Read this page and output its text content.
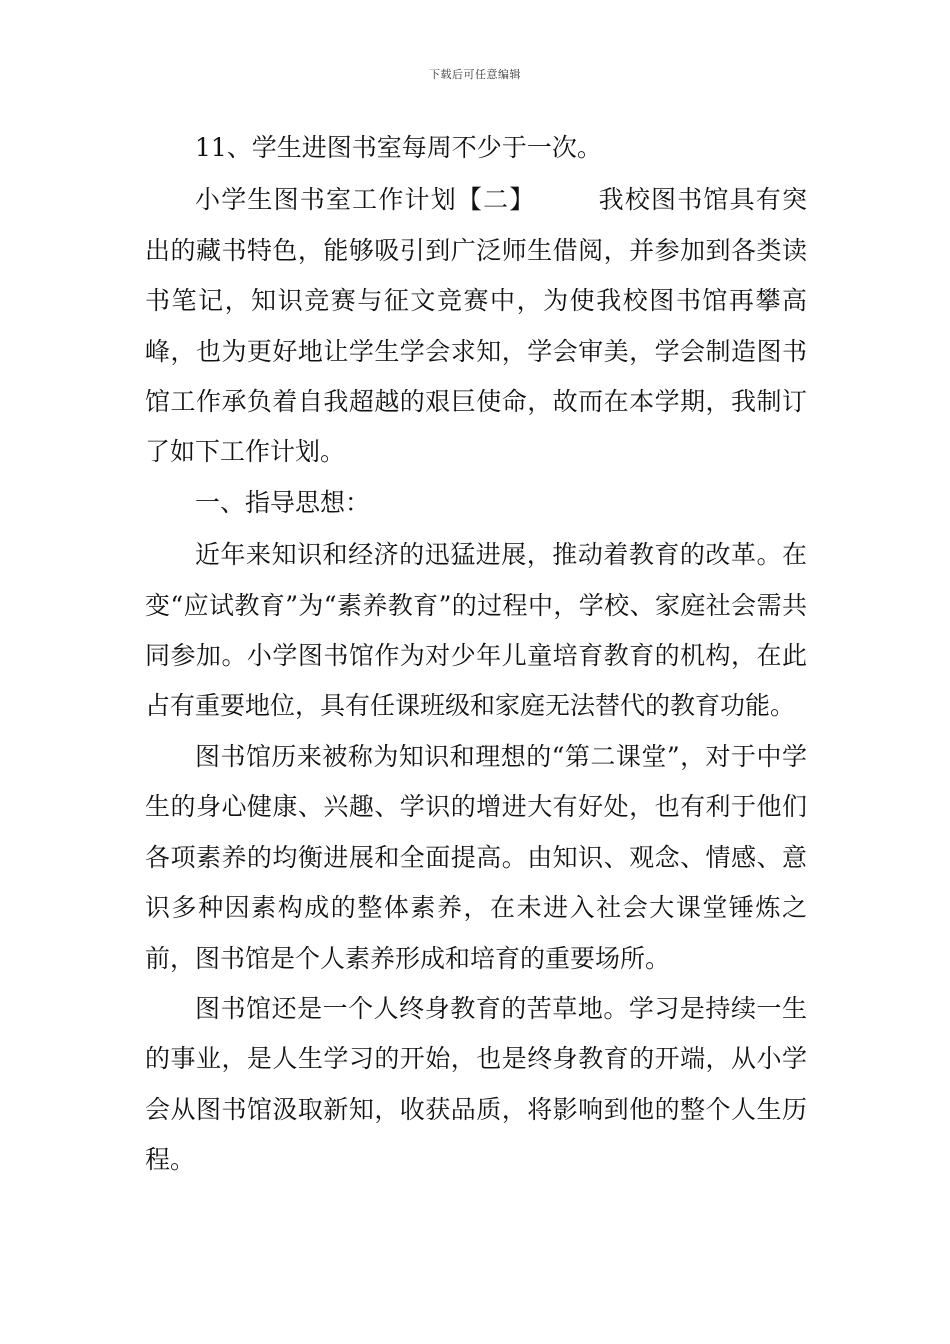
下载后可任意编辑

11、学生进图书室每周不少于一次。

小学生图书室工作计划【二】 我校图书馆具有突出的藏书特色，能够吸引到广泛师生借阅，并参加到各类读书笔记，知识竞赛与征文竞赛中，为使我校图书馆再攀高峰，也为更好地让学生学会求知，学会审美，学会制造图书馆工作承负着自我超越的艰巨使命，故而在本学期，我制订了如下工作计划。

一、指导思想：

近年来知识和经济的迅猛进展，推动着教育的改革。在变“应试教育”为“素养教育”的过程中，学校、家庭社会需共同参加。小学图书馆作为对少年儿童培育教育的机构，在此占有重要地位，具有任课班级和家庭无法替代的教育功能。

图书馆历来被称为知识和理想的“第二课堂”，对于中学生的身心健康、兴趣、学识的增进大有好处，也有利于他们各项素养的均衡进展和全面提高。由知识、观念、情感、意识多种因素构成的整体素养，在未进入社会大课堂锤炼之前，图书馆是个人素养形成和培育的重要场所。

图书馆还是一个人终身教育的苦草地。学习是持续一生的事业，是人生学习的开始，也是终身教育的开端，从小学会从图书馆汲取新知，收获品质，将影响到他的整个人生历程。
